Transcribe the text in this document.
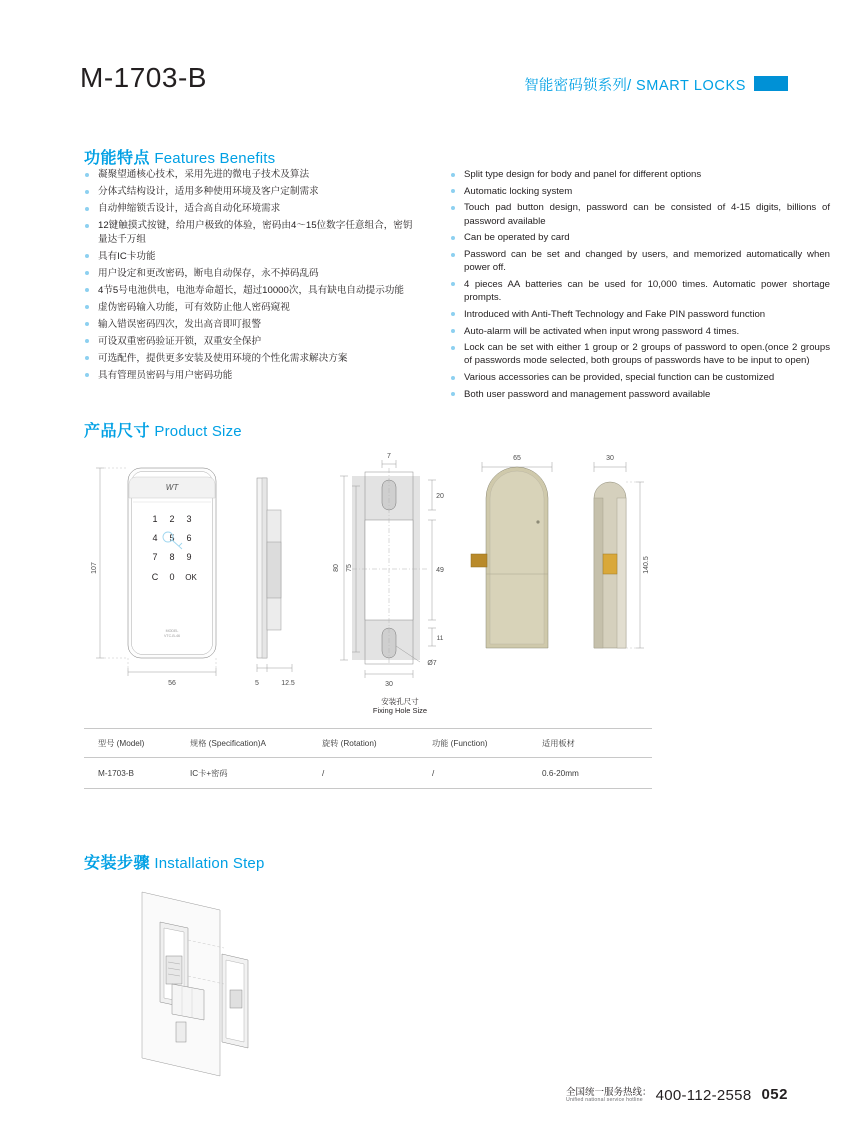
M-1703-B	智能密码锁系列/ SMART LOCKS
功能特点 Features Benefits
凝聚望通核心技术，采用先进的微电子技术及算法
分体式结构设计，适用多种使用环境及客户定制需求
自动伸缩锁舌设计，适合高自动化环境需求
12键触摸式按键，给用户极致的体验，密码由4～15位数字任意组合，密钥量达千万组
具有IC卡功能
用户设定和更改密码，断电自动保存，永不掉码乱码
4节5号电池供电，电池寿命超长，超过10000次，具有缺电自动提示功能
虚伪密码输入功能，可有效防止他人密码窥视
输入错误密码四次，发出高音即叮报警
可设双重密码验证开锁，双重安全保护
可选配件，提供更多安装及使用环境的个性化需求解决方案
具有管理员密码与用户密码功能
Split type design for body and panel for different options
Automatic locking system
Touch pad button design, password can be consisted of 4-15 digits, billions of password available
Can be operated by card
Password can be set and changed by users, and memorized automatically when power off.
4 pieces AA batteries can be used for 10,000 times. Automatic power shortage prompts.
Introduced with Anti-Theft Technology and Fake PIN password function
Auto-alarm will be activated when input wrong password 4 times.
Lock can be set with either 1 group or 2 groups of password to open.(once 2 groups of passwords mode selected, both groups of passwords have to be input to open)
Various accessories can be provided, special function can be customized
Both user password and management password available
产品尺寸 Product Size
107
WT
1 2 3
4 5 6
7 8 9
C 0 OK
MODEL
VTC-B-46
56	5	12.5
7
20
49
11
80 75
30
Ø7
安装孔尺寸
Fixing Hole Size
65	30
140.5
型号 (Model)	规格 (Specification)A	旋转 (Rotation)	功能 (Function)	适用板材
M-1703-B	IC卡+密码	/	/	0.6-20mm
安装步骤 Installation Step
全国统一服务热线：
Unified national service hotline 400-112-2558 052
